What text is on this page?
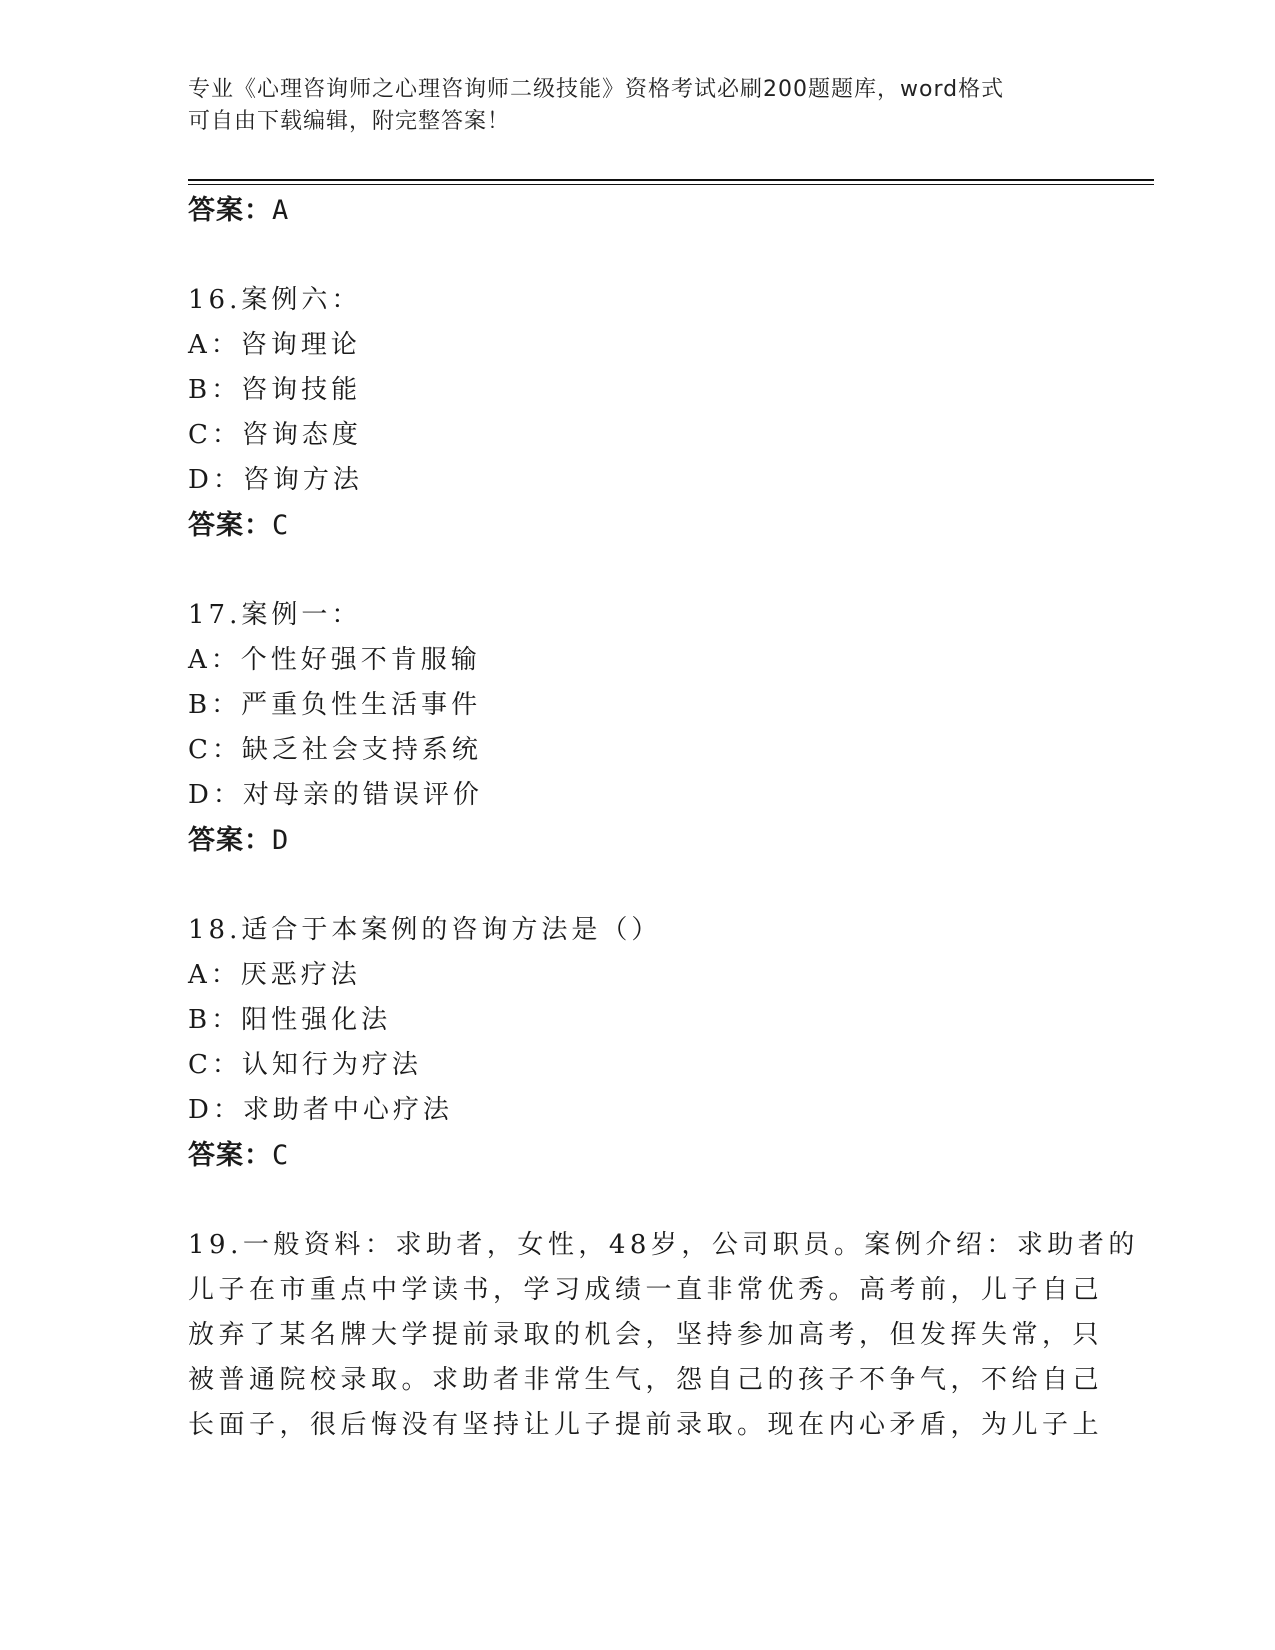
专业《心理咨询师之心理咨询师二级技能》资格考试必刷200题题库，word格式
可自由下载编辑，附完整答案！
答案：A
16.案例六：
A：咨询理论
B：咨询技能
C：咨询态度
D：咨询方法
答案：C
17.案例一：
A：个性好强不肯服输
B：严重负性生活事件
C：缺乏社会支持系统
D：对母亲的错误评价
答案：D
18.适合于本案例的咨询方法是（）
A：厌恶疗法
B：阳性强化法
C：认知行为疗法
D：求助者中心疗法
答案：C
19.一般资料：求助者，女性，48岁，公司职员。案例介绍：求助者的
儿子在市重点中学读书，学习成绩一直非常优秀。高考前，儿子自己
放弃了某名牌大学提前录取的机会，坚持参加高考，但发挥失常，只
被普通院校录取。求助者非常生气，怨自己的孩子不争气，不给自己
长面子，很后悔没有坚持让儿子提前录取。现在内心矛盾，为儿子上
